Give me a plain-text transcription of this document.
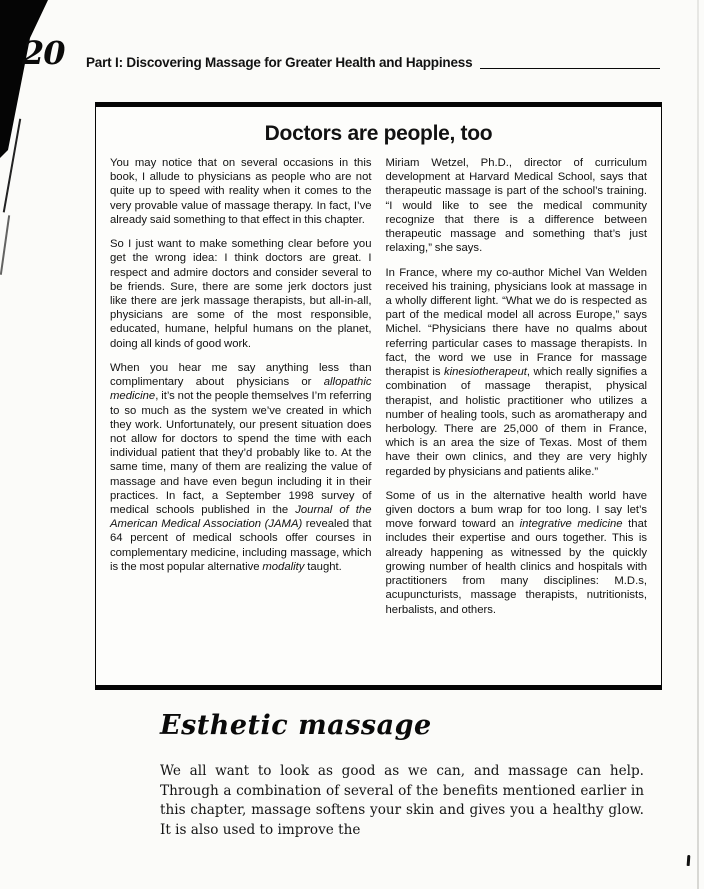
20 Part I: Discovering Massage for Greater Health and Happiness
Doctors are people, too

You may notice that on several occasions in this book, I allude to physicians as people who are not quite up to speed with reality when it comes to the very provable value of massage therapy. In fact, I’ve already said something to that effect in this chapter.

So I just want to make something clear before you get the wrong idea: I think doctors are great. I respect and admire doctors and consider several to be friends. Sure, there are some jerk doctors just like there are jerk massage therapists, but all-in-all, physicians are some of the most responsible, educated, humane, helpful humans on the planet, doing all kinds of good work.

When you hear me say anything less than complimentary about physicians or allopathic medicine, it’s not the people themselves I’m referring to so much as the system we’ve created in which they work. Unfortunately, our present situation does not allow for doctors to spend the time with each individual patient that they’d probably like to. At the same time, many of them are realizing the value of massage and have even begun including it in their practices. In fact, a September 1998 survey of medical schools published in the Journal of the American Medical Association (JAMA) revealed that 64 percent of medical schools offer courses in complementary medicine, including massage, which is the most popular alternative modality taught.

Miriam Wetzel, Ph.D., director of curriculum development at Harvard Medical School, says that therapeutic massage is part of the school’s training. “I would like to see the medical community recognize that there is a difference between therapeutic massage and something that’s just relaxing,” she says.

In France, where my co-author Michel Van Welden received his training, physicians look at massage in a wholly different light. “What we do is respected as part of the medical model all across Europe,” says Michel. “Physicians there have no qualms about referring particular cases to massage therapists. In fact, the word we use in France for massage therapist is kinesiotherapeut, which really signifies a combination of massage therapist, physical therapist, and holistic practitioner who utilizes a number of healing tools, such as aromatherapy and herbology. There are 25,000 of them in France, which is an area the size of Texas. Most of them have their own clinics, and they are very highly regarded by physicians and patients alike.”

Some of us in the alternative health world have given doctors a bum wrap for too long. I say let’s move forward toward an integrative medicine that includes their expertise and ours together. This is already happening as witnessed by the quickly growing number of health clinics and hospitals with practitioners from many disciplines: M.D.s, acupuncturists, massage therapists, nutritionists, herbalists, and others.

Esthetic massage

We all want to look as good as we can, and massage can help. Through a combination of several of the benefits mentioned earlier in this chapter, massage softens your skin and gives you a healthy glow. It is also used to improve the
